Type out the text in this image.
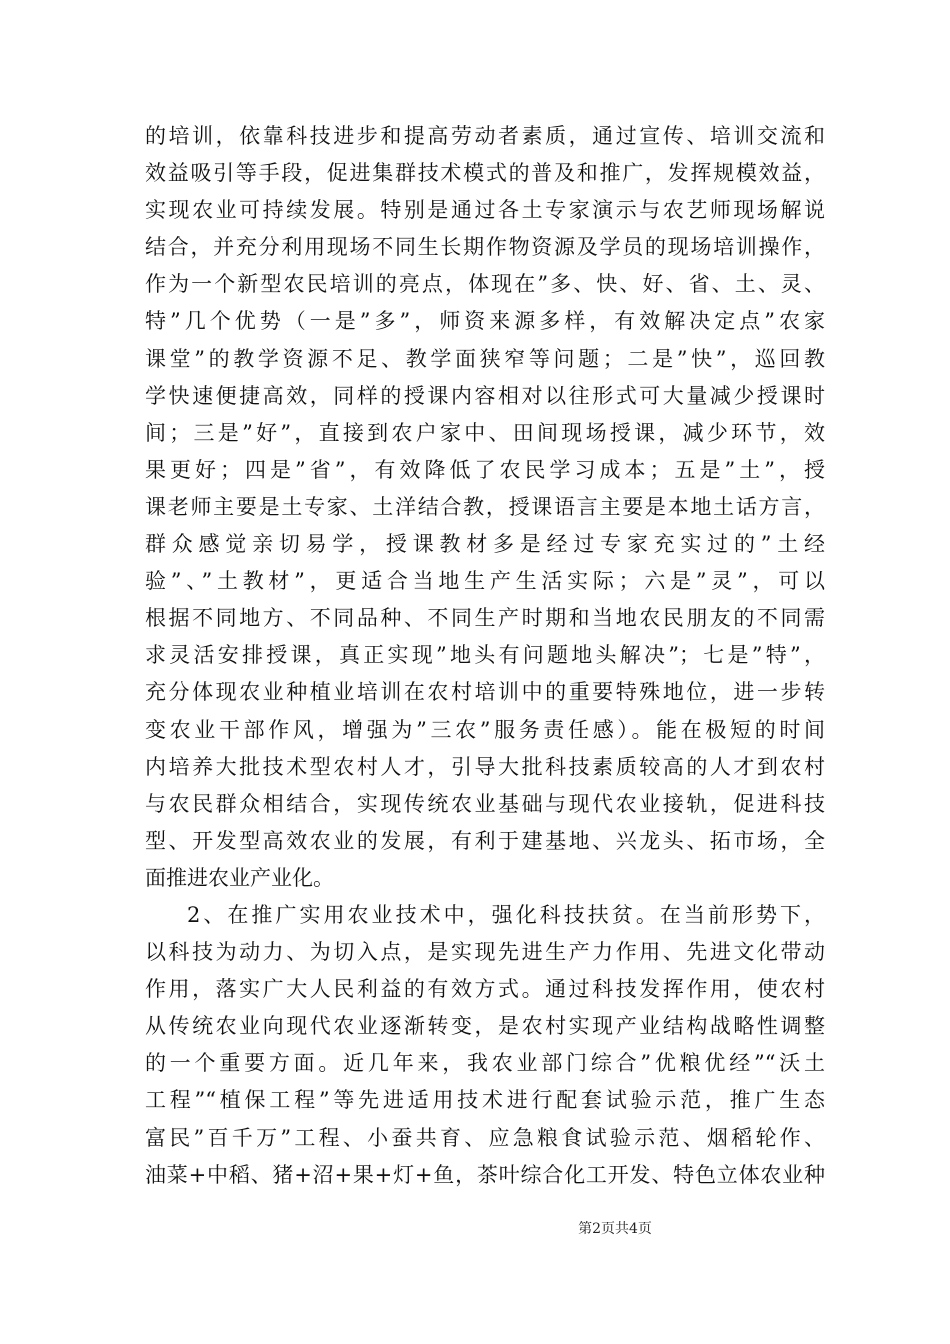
的培训，依靠科技进步和提高劳动者素质，通过宣传、培训交流和
效益吸引等手段，促进集群技术模式的普及和推广，发挥规模效益，
实现农业可持续发展。特别是通过各土专家演示与农艺师现场解说
结合，并充分利用现场不同生长期作物资源及学员的现场培训操作，
作为一个新型农民培训的亮点，体现在”多、快、好、省、土、灵、
特”几个优势（一是”多”，师资来源多样，有效解决定点”农家
课堂”的教学资源不足、教学面狭窄等问题；二是”快”，巡回教
学快速便捷高效，同样的授课内容相对以往形式可大量减少授课时
间；三是”好”，直接到农户家中、田间现场授课，减少环节，效
果更好；四是”省”，有效降低了农民学习成本；五是”土”，授
课老师主要是土专家、土洋结合教，授课语言主要是本地土话方言，
群众感觉亲切易学，授课教材多是经过专家充实过的”土经
验”、”土教材”，更适合当地生产生活实际；六是”灵”，可以
根据不同地方、不同品种、不同生产时期和当地农民朋友的不同需
求灵活安排授课，真正实现”地头有问题地头解决”；七是”特”，
充分体现农业种植业培训在农村培训中的重要特殊地位，进一步转
变农业干部作风，增强为”三农”服务责任感）。能在极短的时间
内培养大批技术型农村人才，引导大批科技素质较高的人才到农村
与农民群众相结合，实现传统农业基础与现代农业接轨，促进科技
型、开发型高效农业的发展，有利于建基地、兴龙头、拓市场，全
面推进农业产业化。
2、在推广实用农业技术中，强化科技扶贫。在当前形势下，
以科技为动力、为切入点，是实现先进生产力作用、先进文化带动
作用，落实广大人民利益的有效方式。通过科技发挥作用，使农村
从传统农业向现代农业逐渐转变，是农村实现产业结构战略性调整
的一个重要方面。近几年来，我农业部门综合”优粮优经”“沃土
工程”“植保工程”等先进适用技术进行配套试验示范，推广生态
富民”百千万”工程、小蚕共育、应急粮食试验示范、烟稻轮作、
油菜+中稻、猪+沼+果+灯+鱼，茶叶综合化工开发、特色立体农业种
第2页共4页
